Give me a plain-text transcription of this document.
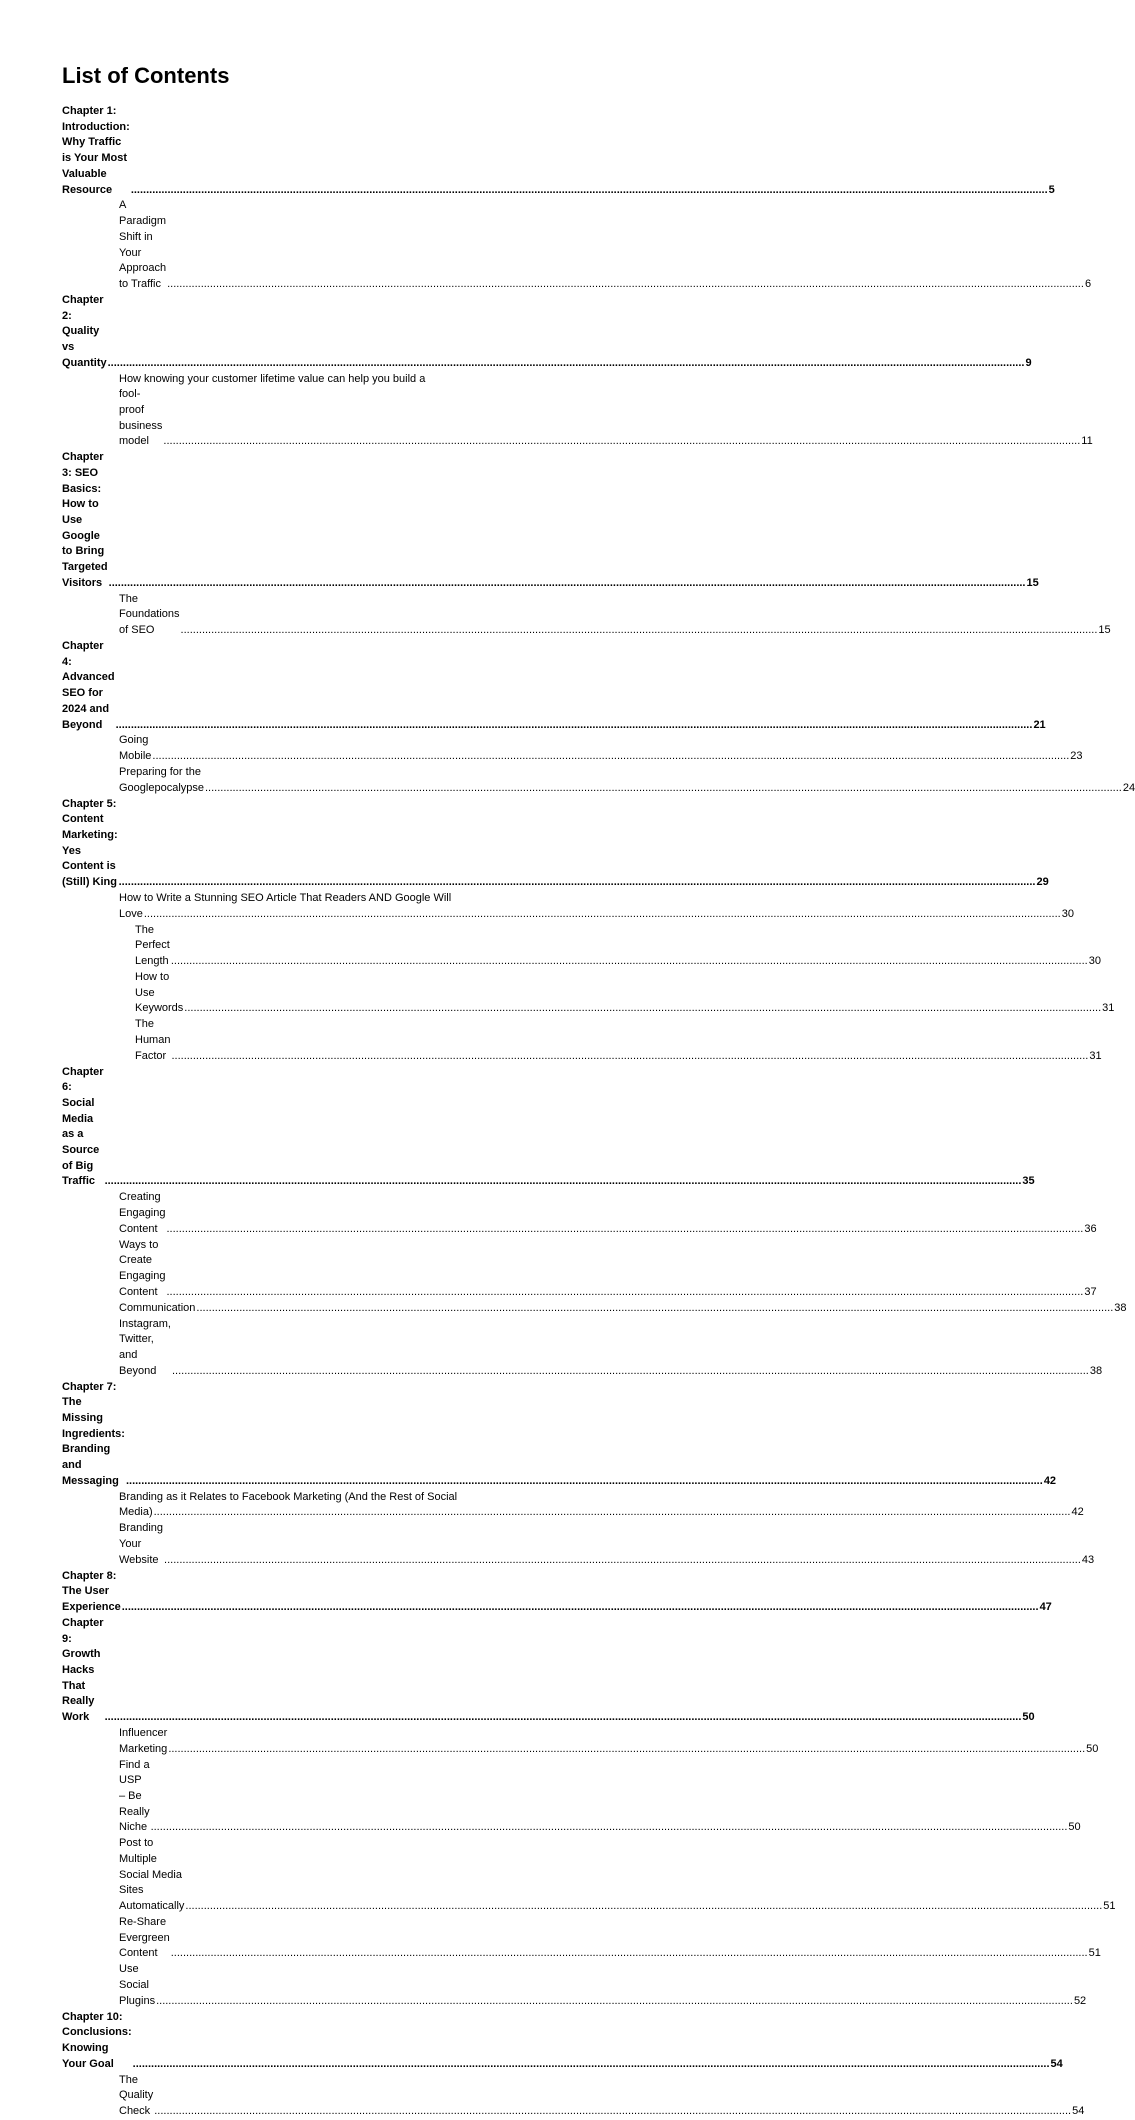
List of Contents
Chapter 1: Introduction: Why Traffic is Your Most Valuable Resource	............................................................................................................................................................................................................................................................................................................ 5
A Paradigm Shift in Your Approach to Traffic ............................................................................................................................................................................................................................................................................................................ 6
Chapter 2: Quality vs Quantity ............................................................................................................................................................................................................................................................................................................ 9
How knowing your customer lifetime value can help you build a
fool-proof business model	............................................................................................................................................................................................................................................................................................................ 11
Chapter 3: SEO Basics: How to Use Google to Bring Targeted Visitors ............................................................................................................................................................................................................................................................................................................ 15
The Foundations of SEO	............................................................................................................................................................................................................................................................................................................ 15
Chapter 4: Advanced SEO for 2024 and Beyond	............................................................................................................................................................................................................................................................................................................ 21
Going Mobile ............................................................................................................................................................................................................................................................................................................ 23
Preparing for the Googlepocalypse ............................................................................................................................................................................................................................................................................................................ 24
Chapter 5: Content Marketing: Yes Content is (Still) King ............................................................................................................................................................................................................................................................................................................ 29
How to Write a Stunning SEO Article That Readers AND Google Will
Love ............................................................................................................................................................................................................................................................................................................ 30
The Perfect Length ............................................................................................................................................................................................................................................................................................................ 30
How to Use Keywords ............................................................................................................................................................................................................................................................................................................ 31
The Human Factor ............................................................................................................................................................................................................................................................................................................ 31
Chapter 6: Social Media as a Source of Big Traffic ............................................................................................................................................................................................................................................................................................................ 35
Creating Engaging Content ............................................................................................................................................................................................................................................................................................................ 36
Ways to Create Engaging Content ............................................................................................................................................................................................................................................................................................................ 37
Communication ............................................................................................................................................................................................................................................................................................................ 38
Instagram, Twitter, and Beyond	............................................................................................................................................................................................................................................................................................................ 38
Chapter 7: The Missing Ingredients: Branding and Messaging ............................................................................................................................................................................................................................................................................................................ 42
Branding as it Relates to Facebook Marketing (And the Rest of Social
Media) ............................................................................................................................................................................................................................................................................................................ 42
Branding Your Website ............................................................................................................................................................................................................................................................................................................ 43
Chapter 8: The User Experience ............................................................................................................................................................................................................................................................................................................ 47
Chapter 9: Growth Hacks That Really Work	............................................................................................................................................................................................................................................................................................................ 50
Influencer Marketing ............................................................................................................................................................................................................................................................................................................ 50
Find a USP – Be Really Niche ............................................................................................................................................................................................................................................................................................................ 50
Post to Multiple Social Media Sites Automatically ............................................................................................................................................................................................................................................................................................................ 51
Re-Share Evergreen Content	............................................................................................................................................................................................................................................................................................................ 51
Use Social Plugins ............................................................................................................................................................................................................................................................................................................ 52
Chapter 10: Conclusions: Knowing Your Goal	............................................................................................................................................................................................................................................................................................................ 54
The Quality Check ............................................................................................................................................................................................................................................................................................................ 54
